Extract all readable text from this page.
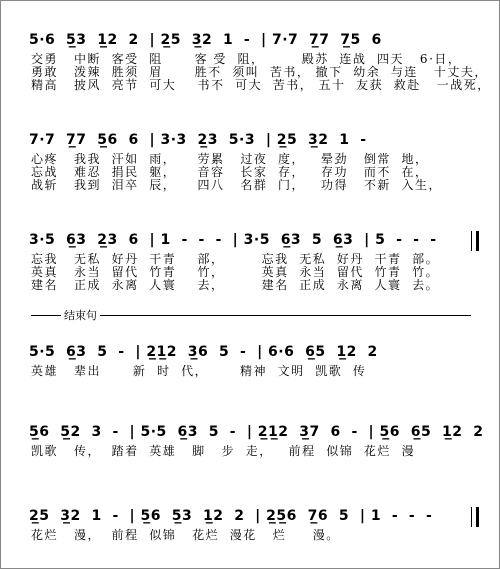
5·6  5̲3  1̲2  2  | 2̲5  3̲2  1  -  | 7·7  7̲7  7̲5  6
交勇   中断  客受  阻      客 受  阻，       殿苏  连战  四天   6·日，
勇敢   泼辣  胜须  眉      胜不  须叫  苦书， 撤下  幼余  与连   十丈夫，
精高   披风  亮节  可大    书不  可大  苦书， 五十  友获  救赴   一战死，
7·7  7̲7  5̲6  6  | 3·3  2̲3  5·3  | 2̲5  3̲2  1  -
心疼   我我  汗如  雨，    劳累   过夜  度，   晕劲   倒常  地，
忘战   难忍  捐民  躯，    音容   长家  存，   存功   而不  在，
战斩   我到  泪卒  辰，    四八   名群  门，   功得   不新  入生，
3·5  6̲3  2̲3  6  | 1  -  -  -  | 3·5  6̲3  5  6̲3  | 5  -  -  -
忘我   无私  好丹  干青    部，       忘我  无私  好丹  干青  部。
英真   永当  留代  竹青    竹，       英真  永当  留代  竹青  竹。
建名   正成  永离  人寰    去，       建名  正成  永离  人寰  去。
结束句
5·5  6̲3  5  -  | 2̲1̲2  3̲6  5  -  | 6·6  6̲5  1̲2  2
英雄   辈出      新  时  代，      精神  文明  凯歌  传
5̲6  5̲2  3  -  | 5·5  6̲3  5  -  | 2̲1̲2  3̲7  6  -  | 5̲6  6̲5  1̲2  2
凯歌   传，  踏着  英雄   脚   步  走，   前程  似锦  花烂  漫
2̲5  3̲2  1  -  | 5̲6  5̲3  1̲2  2  | 2̲5̲6  7̲6  5  | 1  -  -  -
花烂   漫，  前程  似锦   花烂  漫花   烂     漫。
